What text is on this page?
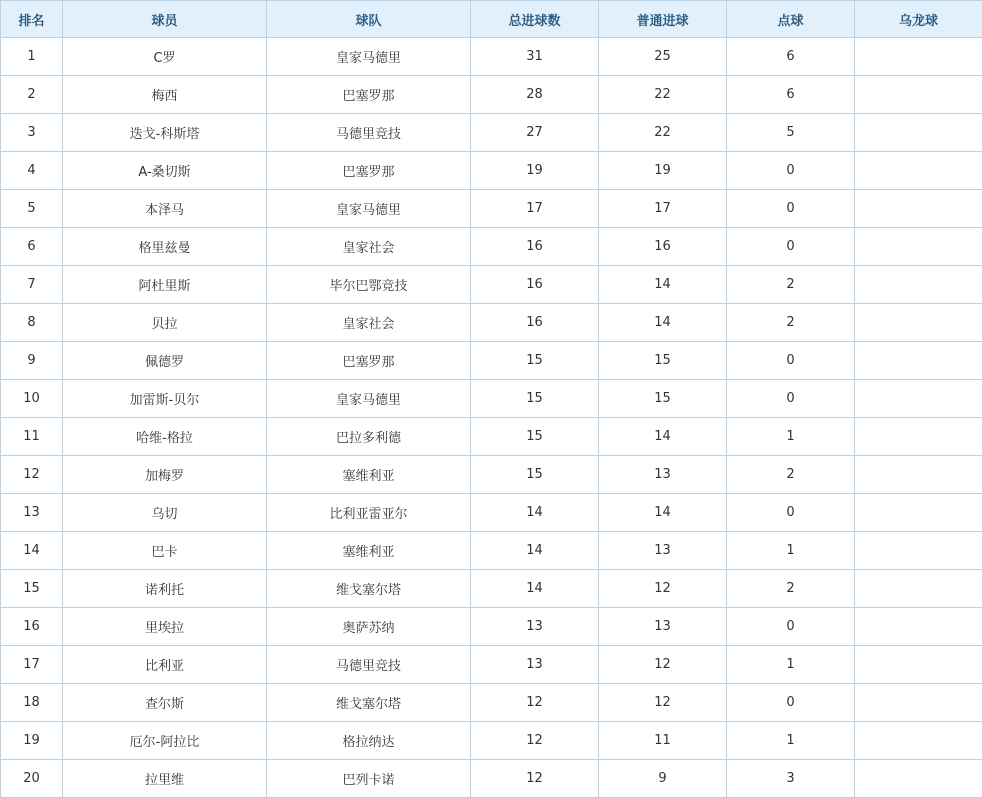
排名	球员	球队	总进球数	普通进球	点球	乌龙球
1	C罗	皇家马德里	31	25	6	
2	梅西	巴塞罗那	28	22	6	
3	迭戈-科斯塔	马德里竞技	27	22	5	
4	A-桑切斯	巴塞罗那	19	19	0	
5	本泽马	皇家马德里	17	17	0	
6	格里兹曼	皇家社会	16	16	0	
7	阿杜里斯	毕尔巴鄂竞技	16	14	2	
8	贝拉	皇家社会	16	14	2	
9	佩德罗	巴塞罗那	15	15	0	
10	加雷斯-贝尔	皇家马德里	15	15	0	
11	哈维-格拉	巴拉多利德	15	14	1	
12	加梅罗	塞维利亚	15	13	2	
13	乌切	比利亚雷亚尔	14	14	0	
14	巴卡	塞维利亚	14	13	1	
15	诺利托	维戈塞尔塔	14	12	2	
16	里埃拉	奥萨苏纳	13	13	0	
17	比利亚	马德里竞技	13	12	1	
18	查尔斯	维戈塞尔塔	12	12	0	
19	厄尔-阿拉比	格拉纳达	12	11	1	
20	拉里维	巴列卡诺	12	9	3	
